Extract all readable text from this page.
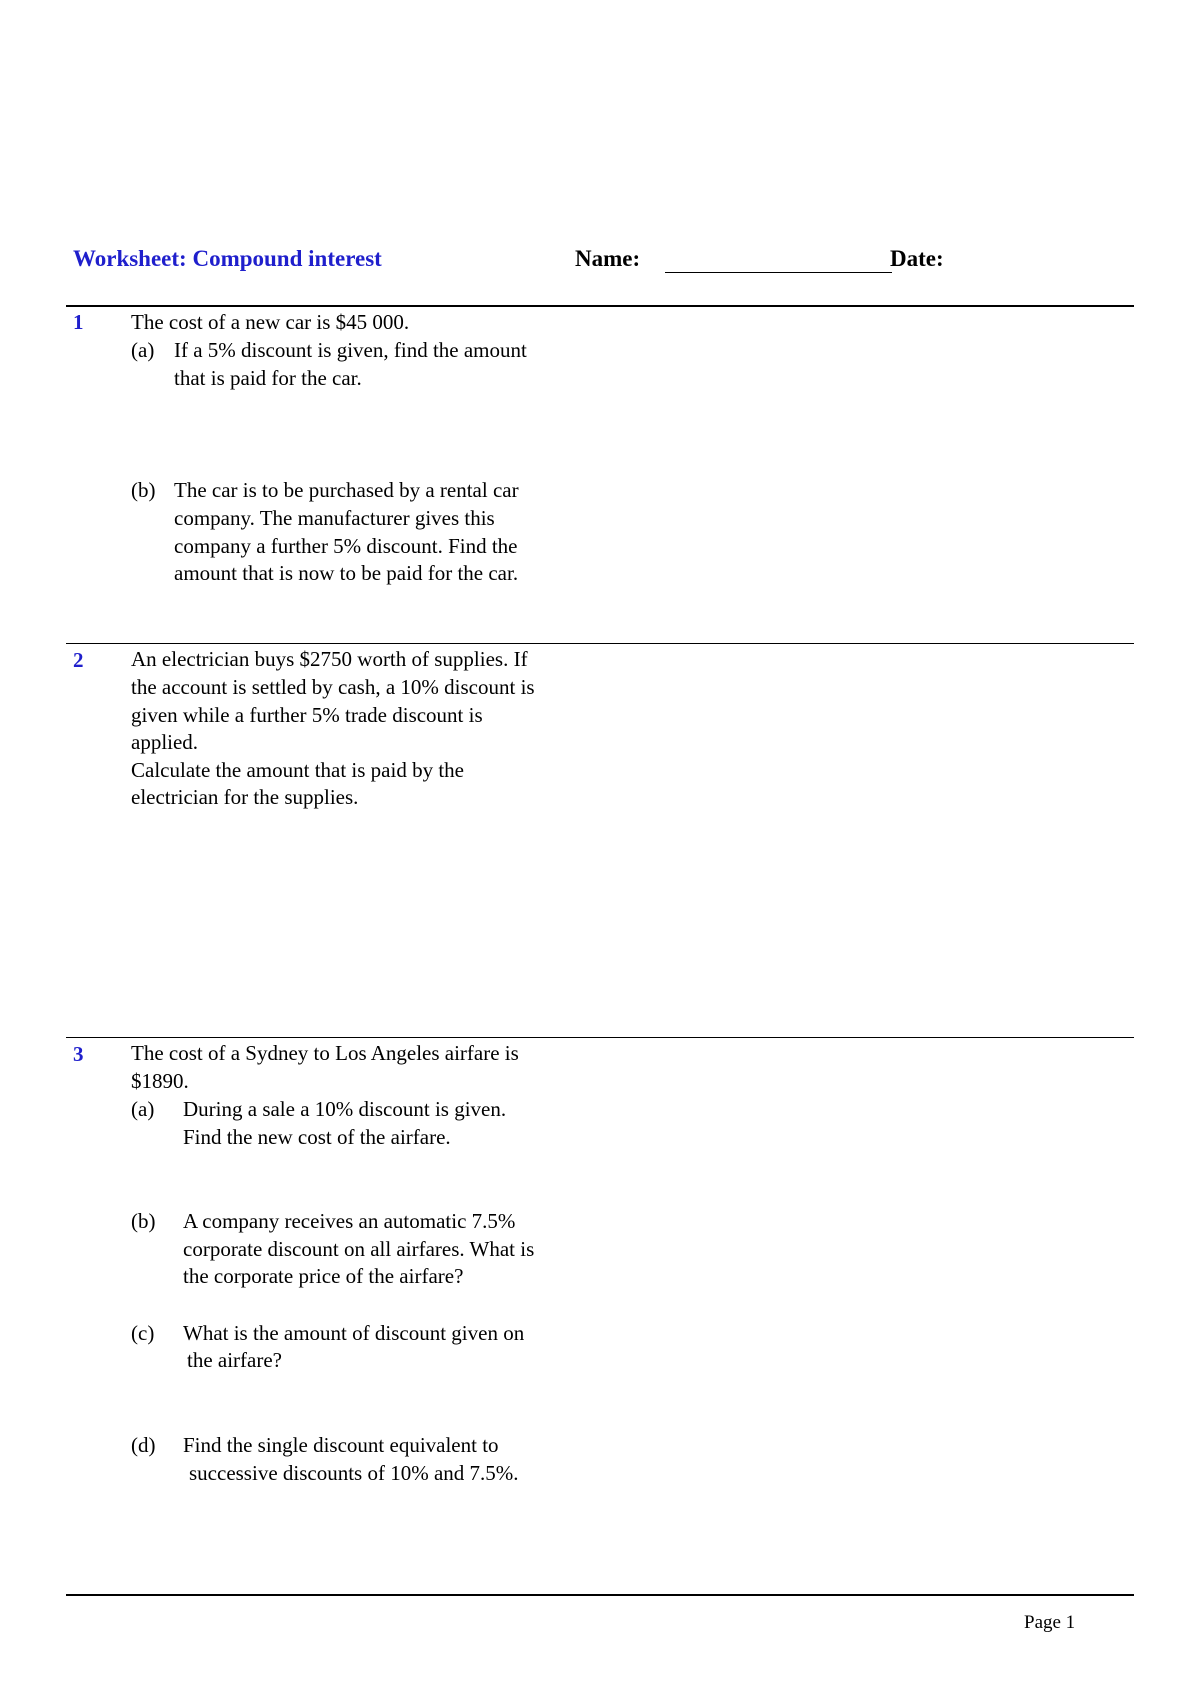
Worksheet: Compound interest	Name:	Date:
1 The cost of a new car is $45 000.
(a) If a 5% discount is given, find the amount
that is paid for the car.
(b) The car is to be purchased by a rental car
company. The manufacturer gives this
company a further 5% discount. Find the
amount that is now to be paid for the car.
2 An electrician buys $2750 worth of supplies. If
the account is settled by cash, a 10% discount is
given while a further 5% trade discount is
applied.
Calculate the amount that is paid by the
electrician for the supplies.
3 The cost of a Sydney to Los Angeles airfare is
$1890.
(a) During a sale a 10% discount is given.
Find the new cost of the airfare.
(b) A company receives an automatic 7.5%
corporate discount on all airfares. What is
the corporate price of the airfare?
(c) What is the amount of discount given on
the airfare?
(d) Find the single discount equivalent to
successive discounts of 10% and 7.5%.
Page 1
